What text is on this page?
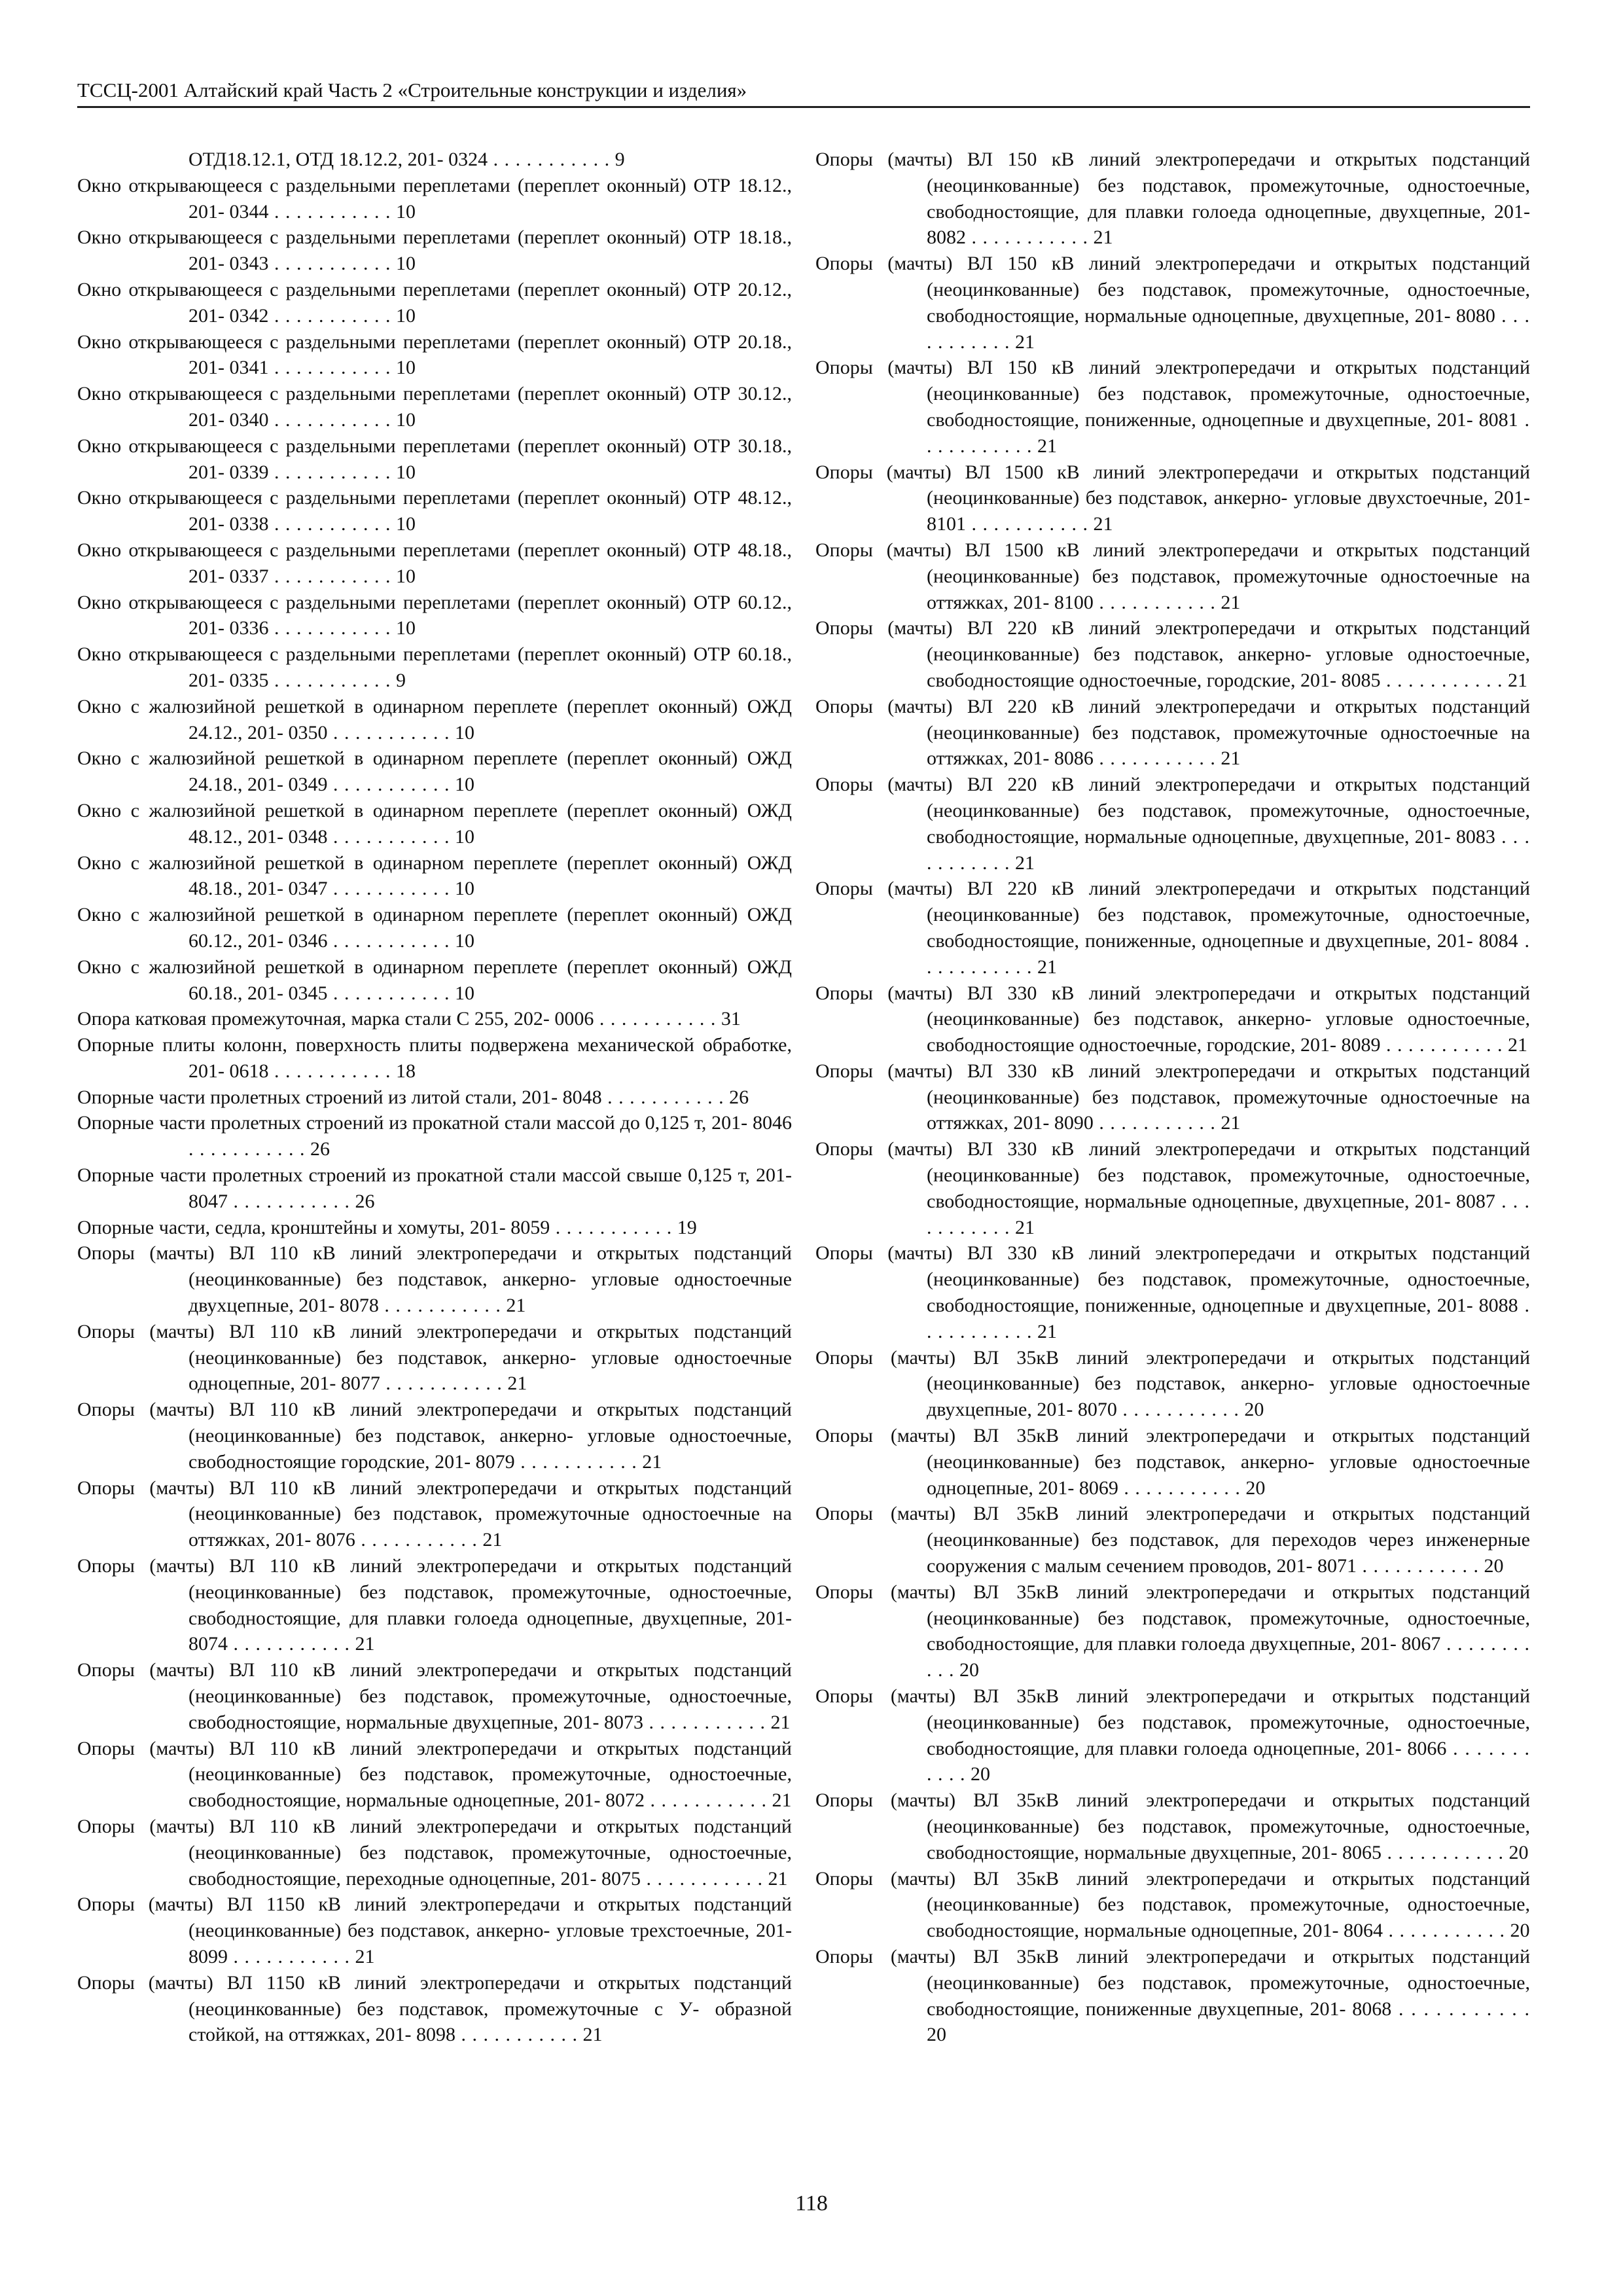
ТССЦ-2001 Алтайский край Часть 2 «Строительные конструкции и изделия»

ОТД18.12.1, ОТД 18.12.2, 201- 0324 . . .	9

Окно открывающееся с раздельными переплетами (переплет оконный) ОТР 18.12., 201- 0344 . . .	10

Окно открывающееся с раздельными переплетами (переплет оконный) ОТР 18.18., 201- 0343 . . .	10

Окно открывающееся с раздельными переплетами (переплет оконный) ОТР 20.12., 201- 0342 . . .	10

Окно открывающееся с раздельными переплетами (переплет оконный) ОТР 20.18., 201- 0341 . . .	10

Окно открывающееся с раздельными переплетами (переплет оконный) ОТР 30.12., 201- 0340 . . .	10

Окно открывающееся с раздельными переплетами (переплет оконный) ОТР 30.18., 201- 0339 . . .	10

Окно открывающееся с раздельными переплетами (переплет оконный) ОТР 48.12., 201- 0338 . . .	10

Окно открывающееся с раздельными переплетами (переплет оконный) ОТР 48.18., 201- 0337 . . .	10

Окно открывающееся с раздельными переплетами (переплет оконный) ОТР 60.12., 201- 0336 . . .	10

Окно открывающееся с раздельными переплетами (переплет оконный) ОТР 60.18., 201- 0335 . . .	9

Окно с жалюзийной решеткой в одинарном переплете (переплет оконный) ОЖД 24.12., 201- 0350 . . .	10

Окно с жалюзийной решеткой в одинарном переплете (переплет оконный) ОЖД 24.18., 201- 0349 . . .	10

Окно с жалюзийной решеткой в одинарном переплете (переплет оконный) ОЖД 48.12., 201- 0348 . . .	10

Окно с жалюзийной решеткой в одинарном переплете (переплет оконный) ОЖД 48.18., 201- 0347 . . .	10

Окно с жалюзийной решеткой в одинарном переплете (переплет оконный) ОЖД 60.12., 201- 0346 . . .	10

Окно с жалюзийной решеткой в одинарном переплете (переплет оконный) ОЖД 60.18., 201- 0345 . . .	10

Опора катковая промежуточная, марка стали С 255, 202- 0006 . . .	31

Опорные плиты колонн, поверхность плиты подвержена механической обработке, 201- 0618 . . .	18

Опорные части пролетных строений из литой стали, 201- 8048 . . .	26

Опорные части пролетных строений из прокатной стали массой до 0,125 т, 201- 8046 . . . 26

Опорные части пролетных строений из прокатной стали массой свыше 0,125 т, 201- 8047 . . .	26

Опорные части, седла, кронштейны и хомуты, 201- 8059 . . .	19

Опоры (мачты) ВЛ 110 кВ линий электропередачи и открытых подстанций (неоцинкованные) без подставок, анкерно- угловые одностоечные двухцепные, 201- 8078 . . .	21

Опоры (мачты) ВЛ 110 кВ линий электропередачи и открытых подстанций (неоцинкованные) без подставок, анкерно- угловые одностоечные одноцепные, 201- 8077 . . .	21

Опоры (мачты) ВЛ 110 кВ линий электропередачи и открытых подстанций (неоцинкованные) без подставок, анкерно- угловые одностоечные, свободностоящие городские, 201- 8079 . . .	21

Опоры (мачты) ВЛ 110 кВ линий электропередачи и открытых подстанций (неоцинкованные) без подставок, промежуточные одностоечные на оттяжках, 201- 8076 . . .	21

Опоры (мачты) ВЛ 110 кВ линий электропередачи и открытых подстанций (неоцинкованные) без подставок, промежуточные, одностоечные, свободностоящие, для плавки голоеда одноцепные, двухцепные, 201- 8074 . . .	21

Опоры (мачты) ВЛ 110 кВ линий электропередачи и открытых подстанций (неоцинкованные) без подставок, промежуточные, одностоечные, свободностоящие, нормальные двухцепные, 201- 8073 . . .	21

Опоры (мачты) ВЛ 110 кВ линий электропередачи и открытых подстанций (неоцинкованные) без подставок, промежуточные, одностоечные, свободностоящие, нормальные одноцепные, 201- 8072 . . .	21

Опоры (мачты) ВЛ 110 кВ линий электропередачи и открытых подстанций (неоцинкованные) без подставок, промежуточные, одностоечные, свободностоящие, переходные одноцепные, 201- 8075 . . .	21

Опоры (мачты) ВЛ 1150 кВ линий электропередачи и открытых подстанций (неоцинкованные) без подставок, анкерно- угловые трехстоечные, 201- 8099 . . .	21

Опоры (мачты) ВЛ 1150 кВ линий электропередачи и открытых подстанций (неоцинкованные) без подставок, промежуточные с У- образной стойкой, на оттяжках, 201- 8098 . . .	21

Опоры (мачты) ВЛ 150 кВ линий электропередачи и открытых подстанций (неоцинкованные) без подставок, промежуточные, одностоечные, свободностоящие, для плавки голоеда одноцепные, двухцепные, 201- 8082 . . .	21

Опоры (мачты) ВЛ 150 кВ линий электропередачи и открытых подстанций (неоцинкованные) без подставок, промежуточные, одностоечные, свободностоящие, нормальные одноцепные, двухцепные, 201- 8080 . . . 21

Опоры (мачты) ВЛ 150 кВ линий электропередачи и открытых подстанций (неоцинкованные) без подставок, промежуточные, одностоечные, свободностоящие, пониженные, одноцепные и двухцепные, 201- 8081 . . . 21

Опоры (мачты) ВЛ 1500 кВ линий электропередачи и открытых подстанций (неоцинкованные) без подставок, анкерно- угловые двухстоечные, 201- 8101 . . .	21

Опоры (мачты) ВЛ 1500 кВ линий электропередачи и открытых подстанций (неоцинкованные) без подставок, промежуточные одностоечные на оттяжках, 201- 8100 . . .	21

Опоры (мачты) ВЛ 220 кВ линий электропередачи и открытых подстанций (неоцинкованные) без подставок, анкерно- угловые одностоечные, свободностоящие одностоечные, городские, 201- 8085 . . .	21

Опоры (мачты) ВЛ 220 кВ линий электропередачи и открытых подстанций (неоцинкованные) без подставок, промежуточные одностоечные на оттяжках, 201- 8086 . . .	21

Опоры (мачты) ВЛ 220 кВ линий электропередачи и открытых подстанций (неоцинкованные) без подставок, промежуточные, одностоечные, свободностоящие, нормальные одноцепные, двухцепные, 201- 8083 . . . 21

Опоры (мачты) ВЛ 220 кВ линий электропередачи и открытых подстанций (неоцинкованные) без подставок, промежуточные, одностоечные, свободностоящие, пониженные, одноцепные и двухцепные, 201- 8084 . . . 21

Опоры (мачты) ВЛ 330 кВ линий электропередачи и открытых подстанций (неоцинкованные) без подставок, анкерно- угловые одностоечные, свободностоящие одностоечные, городские, 201- 8089 . . .	21

Опоры (мачты) ВЛ 330 кВ линий электропередачи и открытых подстанций (неоцинкованные) без подставок, промежуточные одностоечные на оттяжках, 201- 8090 . . .	21

Опоры (мачты) ВЛ 330 кВ линий электропередачи и открытых подстанций (неоцинкованные) без подставок, промежуточные, одностоечные, свободностоящие, нормальные одноцепные, двухцепные, 201- 8087 . . . 21

Опоры (мачты) ВЛ 330 кВ линий электропередачи и открытых подстанций (неоцинкованные) без подставок, промежуточные, одностоечные, свободностоящие, пониженные, одноцепные и двухцепные, 201- 8088 . . . 21

Опоры (мачты) ВЛ 35кВ линий электропередачи и открытых подстанций (неоцинкованные) без подставок, анкерно- угловые одностоечные двухцепные, 201- 8070 . . .	20

Опоры (мачты) ВЛ 35кВ линий электропередачи и открытых подстанций (неоцинкованные) без подставок, анкерно- угловые одностоечные одноцепные, 201- 8069 . . .	20

Опоры (мачты) ВЛ 35кВ линий электропередачи и открытых подстанций (неоцинкованные) без подставок, для переходов через инженерные сооружения с малым сечением проводов, 201- 8071 . . .	20

Опоры (мачты) ВЛ 35кВ линий электропередачи и открытых подстанций (неоцинкованные) без подставок, промежуточные, одностоечные, свободностоящие, для плавки голоеда двухцепные, 201- 8067 . . . 20

Опоры (мачты) ВЛ 35кВ линий электропередачи и открытых подстанций (неоцинкованные) без подставок, промежуточные, одностоечные, свободностоящие, для плавки голоеда одноцепные, 201- 8066 . . . 20

Опоры (мачты) ВЛ 35кВ линий электропередачи и открытых подстанций (неоцинкованные) без подставок, промежуточные, одностоечные, свободностоящие, нормальные двухцепные, 201- 8065 . . .	20

Опоры (мачты) ВЛ 35кВ линий электропередачи и открытых подстанций (неоцинкованные) без подставок, промежуточные, одностоечные, свободностоящие, нормальные одноцепные, 201- 8064 . . .	20

Опоры (мачты) ВЛ 35кВ линий электропередачи и открытых подстанций (неоцинкованные) без подставок, промежуточные, одностоечные, свободностоящие, пониженные двухцепные, 201- 8068 . . . 20

118
